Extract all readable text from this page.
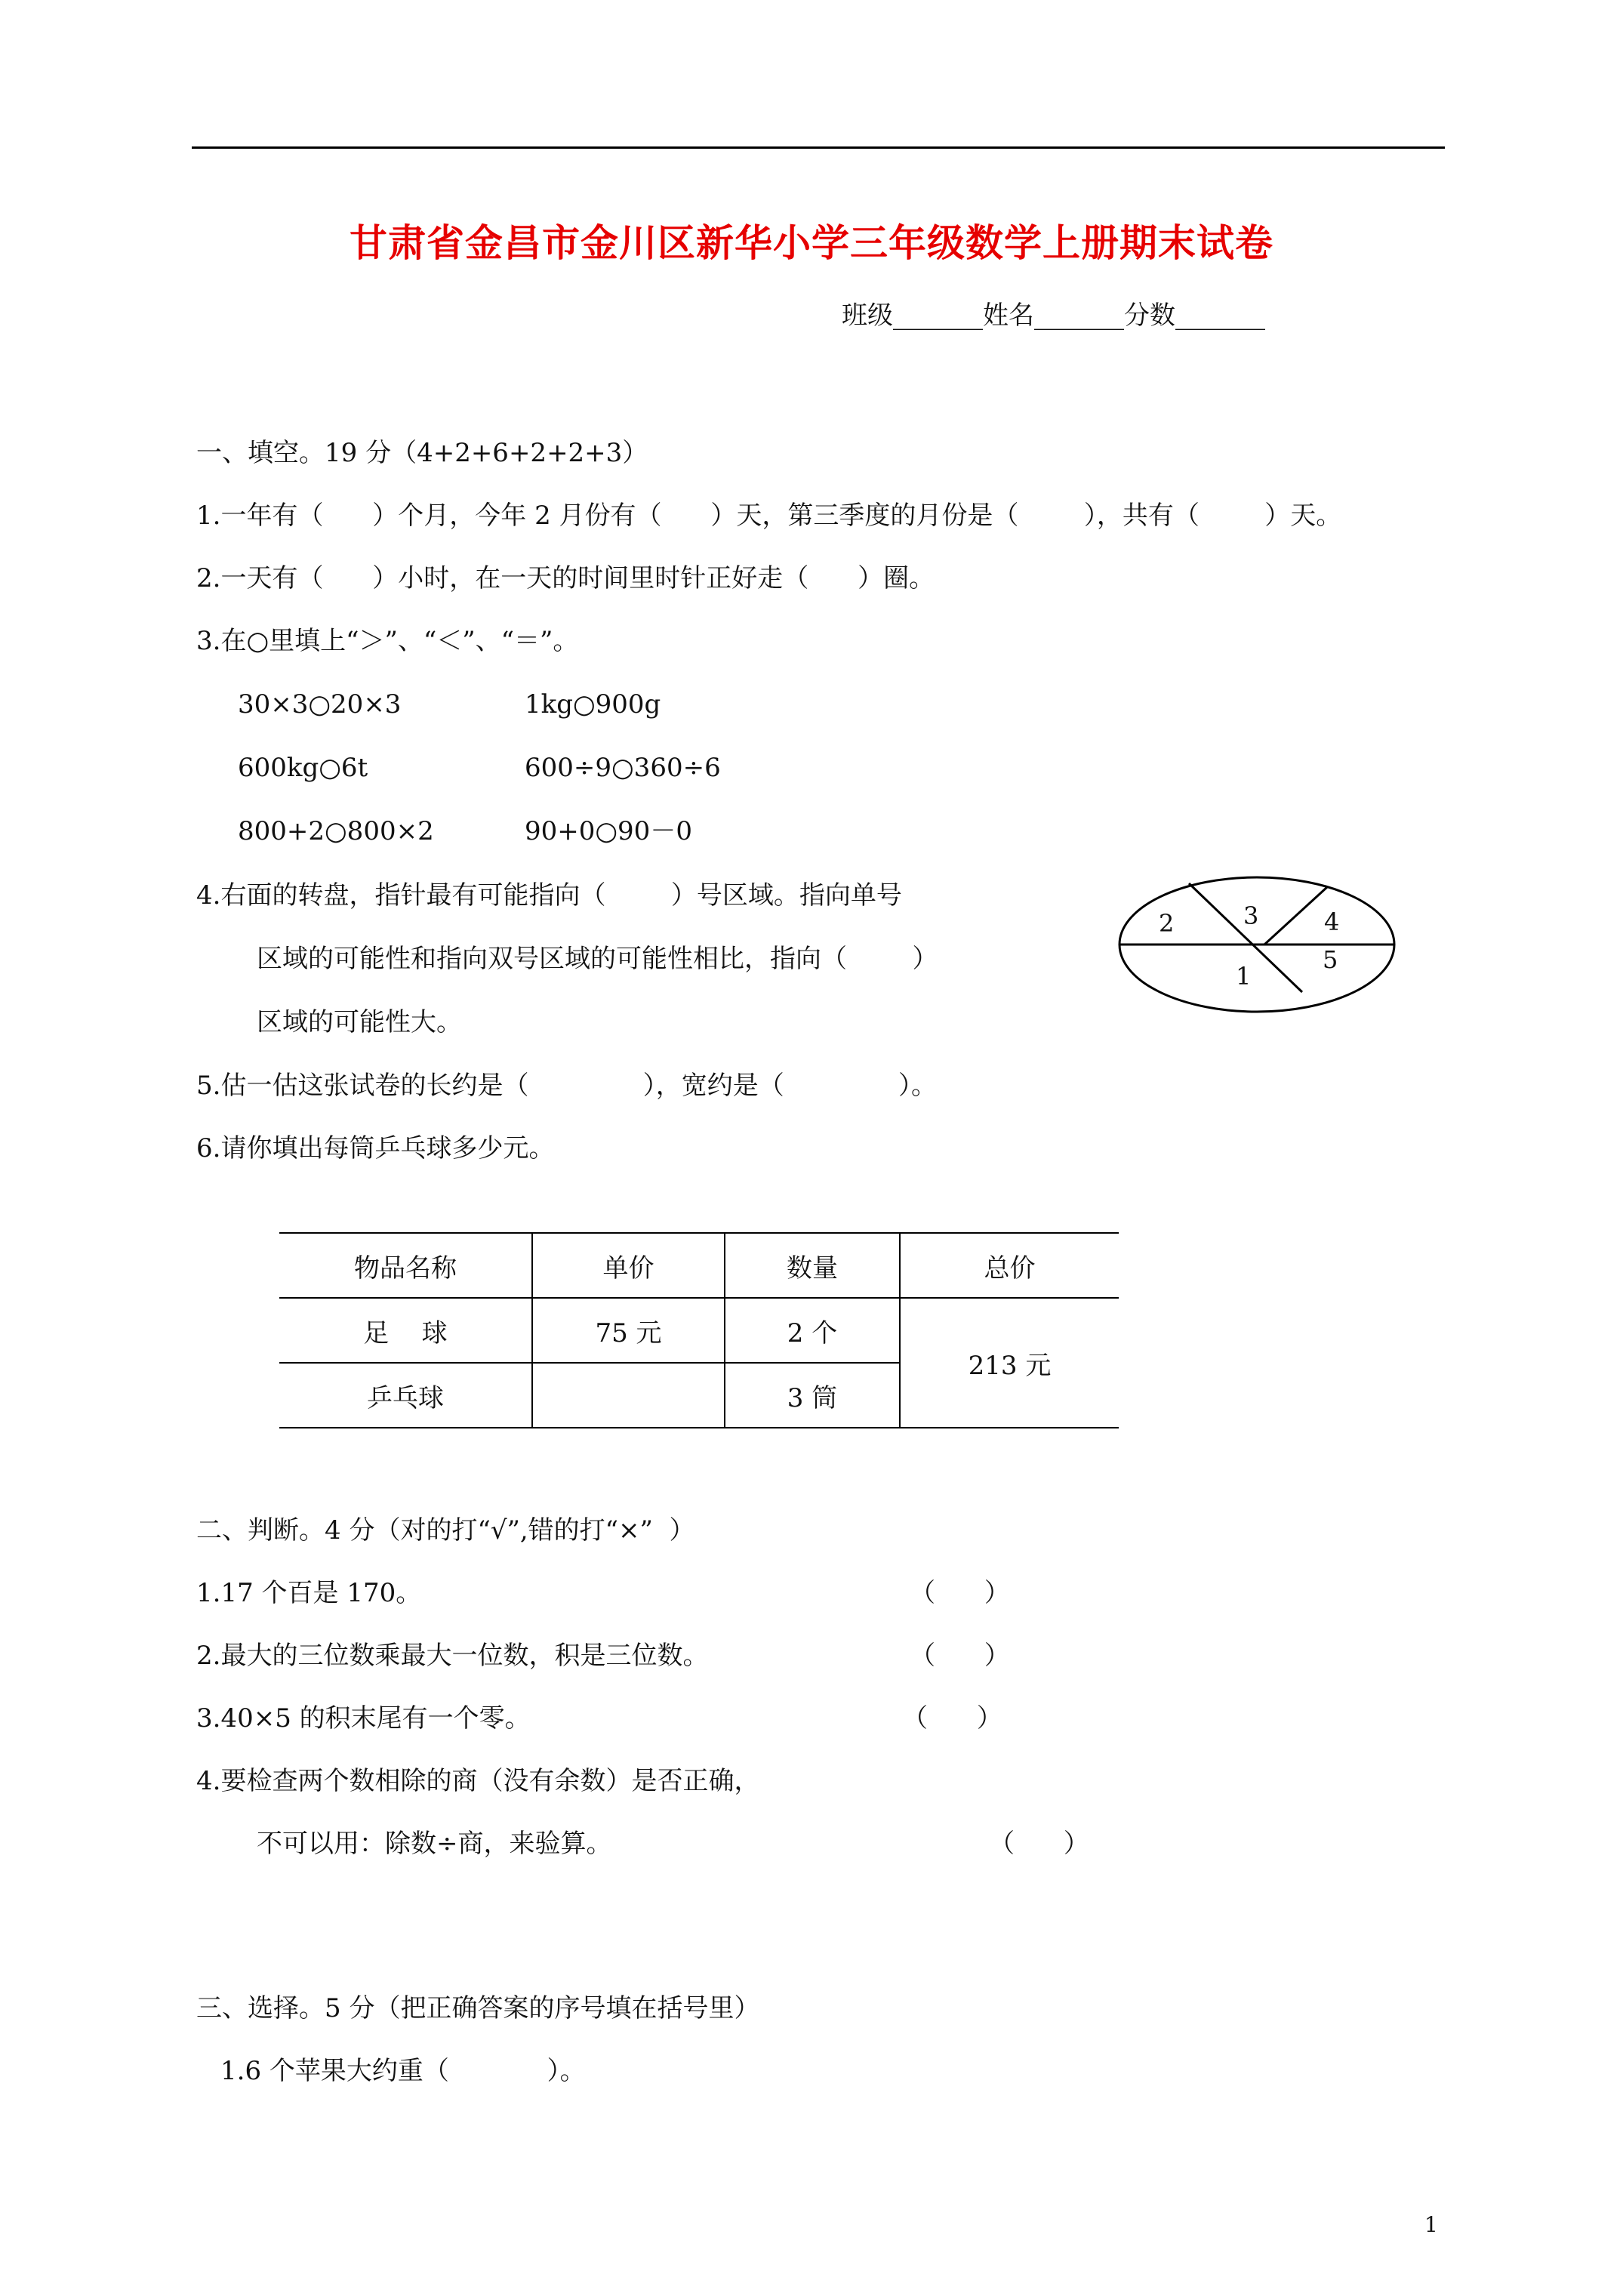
甘肃省金昌市金川区新华小学三年级数学上册期末试卷
班级_______姓名_______分数_______
一、填空。19 分（4+2+6+2+2+3）
1.一年有（      ）个月，今年 2 月份有（      ）天，第三季度的月份是（        ），共有（        ）天。
2.一天有（      ）小时，在一天的时间里时针正好走（      ）圈。
3.在○里填上“＞”、“＜”、“＝”。
30×3○20×3	1kg○900g
600kg○6t	600÷9○360÷6
800+2○800×2	90+0○90－0
4.右面的转盘，指针最有可能指向（        ）号区域。指向单号
区域的可能性和指向双号区域的可能性相比，指向（        ）
区域的可能性大。
2	3	4
1
5
5.估一估这张试卷的长约是（              ），宽约是（              ）。
6.请你填出每筒乒乓球多少元。
物品名称	单价	数量	总价
足    球	75 元	2 个	213 元
乒乓球		3 筒	
二、判断。4 分（对的打“√”,错的打“×”  ）
1.17 个百是 170。	（      ）
2.最大的三位数乘最大一位数，积是三位数。	（      ）
3.40×5 的积末尾有一个零。	（      ）
4.要检查两个数相除的商（没有余数）是否正确，
不可以用：除数÷商，来验算。	（      ）
三、选择。5 分（把正确答案的序号填在括号里）
1.6 个苹果大约重（            ）。
1
